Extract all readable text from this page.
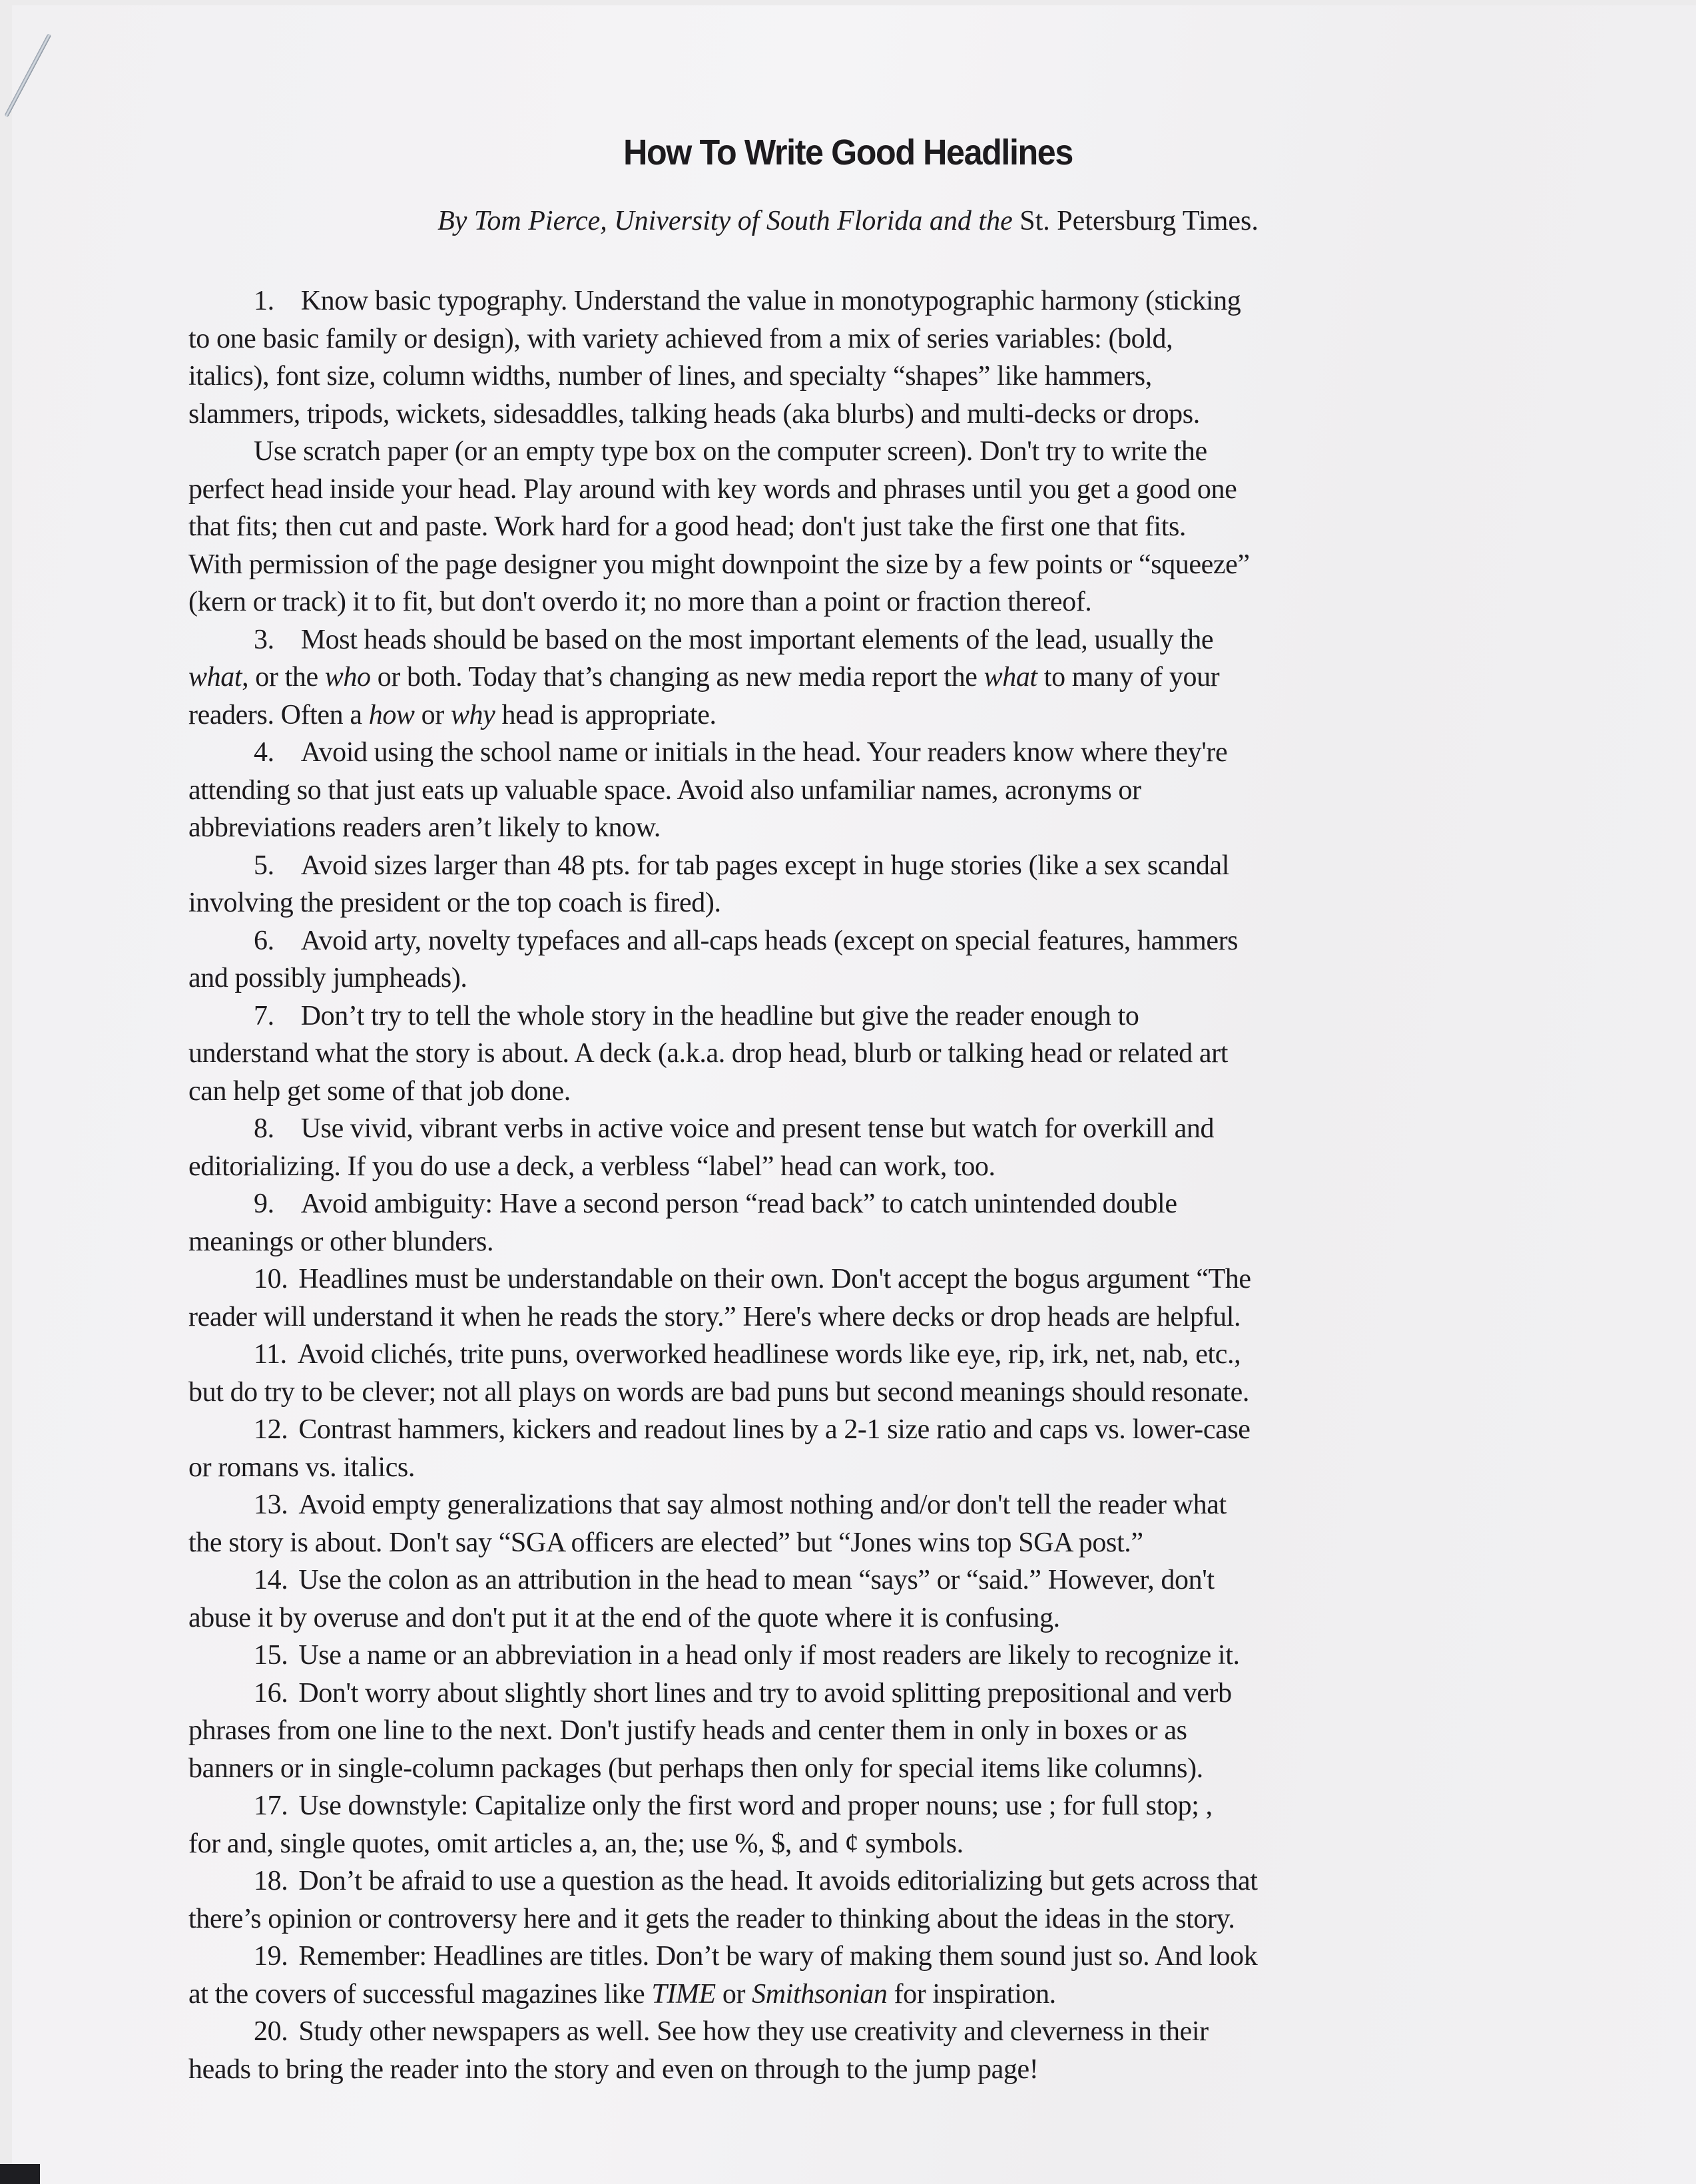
How To Write Good Headlines
By Tom Pierce, University of South Florida and the St. Petersburg Times.
1. Know basic typography. Understand the value in monotypographic harmony (sticking
to one basic family or design), with variety achieved from a mix of series variables: (bold,
italics), font size, column widths, number of lines, and specialty “shapes” like hammers,
slammers, tripods, wickets, sidesaddles, talking heads (aka blurbs) and multi-decks or drops.
Use scratch paper (or an empty type box on the computer screen). Don't try to write the
perfect head inside your head. Play around with key words and phrases until you get a good one
that fits; then cut and paste. Work hard for a good head; don't just take the first one that fits.
With permission of the page designer you might downpoint the size by a few points or “squeeze”
(kern or track) it to fit, but don't overdo it; no more than a point or fraction thereof.
3. Most heads should be based on the most important elements of the lead, usually the
what, or the who or both. Today that’s changing as new media report the what to many of your
readers. Often a how or why head is appropriate.
4. Avoid using the school name or initials in the head. Your readers know where they're
attending so that just eats up valuable space. Avoid also unfamiliar names, acronyms or
abbreviations readers aren’t likely to know.
5. Avoid sizes larger than 48 pts. for tab pages except in huge stories (like a sex scandal
involving the president or the top coach is fired).
6. Avoid arty, novelty typefaces and all-caps heads (except on special features, hammers
and possibly jumpheads).
7. Don’t try to tell the whole story in the headline but give the reader enough to
understand what the story is about. A deck (a.k.a. drop head, blurb or talking head or related art
can help get some of that job done.
8. Use vivid, vibrant verbs in active voice and present tense but watch for overkill and
editorializing. If you do use a deck, a verbless “label” head can work, too.
9. Avoid ambiguity: Have a second person “read back” to catch unintended double
meanings or other blunders.
10. Headlines must be understandable on their own. Don't accept the bogus argument “The
reader will understand it when he reads the story.” Here's where decks or drop heads are helpful.
11. Avoid clichés, trite puns, overworked headlinese words like eye, rip, irk, net, nab, etc.,
but do try to be clever; not all plays on words are bad puns but second meanings should resonate.
12. Contrast hammers, kickers and readout lines by a 2-1 size ratio and caps vs. lower-case
or romans vs. italics.
13. Avoid empty generalizations that say almost nothing and/or don't tell the reader what
the story is about. Don't say “SGA officers are elected” but “Jones wins top SGA post.”
14. Use the colon as an attribution in the head to mean “says” or “said.” However, don't
abuse it by overuse and don't put it at the end of the quote where it is confusing.
15. Use a name or an abbreviation in a head only if most readers are likely to recognize it.
16. Don't worry about slightly short lines and try to avoid splitting prepositional and verb
phrases from one line to the next. Don't justify heads and center them in only in boxes or as
banners or in single-column packages (but perhaps then only for special items like columns).
17. Use downstyle: Capitalize only the first word and proper nouns; use ; for full stop; ,
for and, single quotes, omit articles a, an, the; use %, $, and ¢ symbols.
18. Don’t be afraid to use a question as the head. It avoids editorializing but gets across that
there’s opinion or controversy here and it gets the reader to thinking about the ideas in the story.
19. Remember: Headlines are titles. Don’t be wary of making them sound just so. And look
at the covers of successful magazines like TIME or Smithsonian for inspiration.
20. Study other newspapers as well. See how they use creativity and cleverness in their
heads to bring the reader into the story and even on through to the jump page!
